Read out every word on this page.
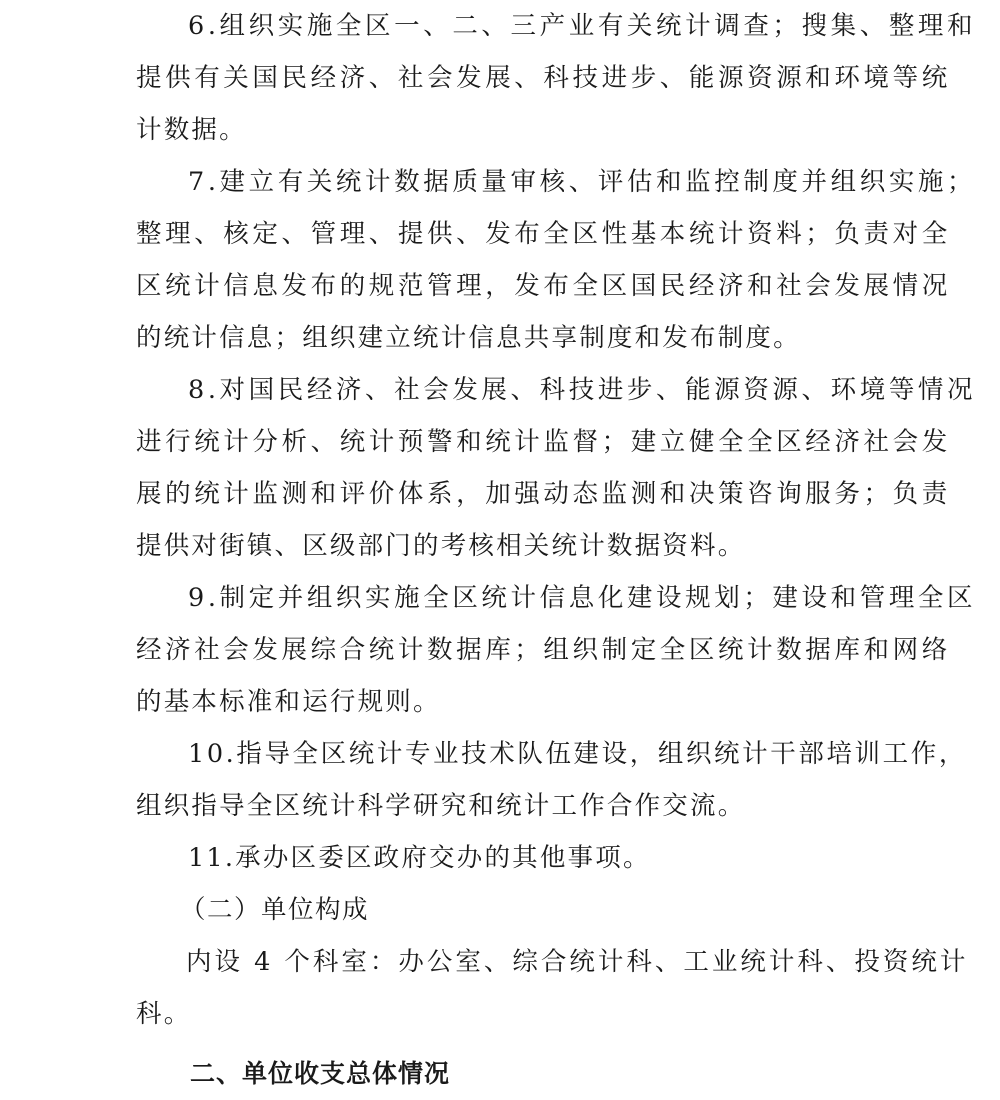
6.组织实施全区一、二、三产业有关统计调查；搜集、整理和
提供有关国民经济、社会发展、科技进步、能源资源和环境等统
计数据。
7.建立有关统计数据质量审核、评估和监控制度并组织实施；
整理、核定、管理、提供、发布全区性基本统计资料；负责对全
区统计信息发布的规范管理，发布全区国民经济和社会发展情况
的统计信息；组织建立统计信息共享制度和发布制度。
8.对国民经济、社会发展、科技进步、能源资源、环境等情况
进行统计分析、统计预警和统计监督；建立健全全区经济社会发
展的统计监测和评价体系，加强动态监测和决策咨询服务；负责
提供对街镇、区级部门的考核相关统计数据资料。
9.制定并组织实施全区统计信息化建设规划；建设和管理全区
经济社会发展综合统计数据库；组织制定全区统计数据库和网络
的基本标准和运行规则。
10.指导全区统计专业技术队伍建设，组织统计干部培训工作，
组织指导全区统计科学研究和统计工作合作交流。
11.承办区委区政府交办的其他事项。
（二）单位构成
内设 4 个科室：办公室、综合统计科、工业统计科、投资统计
科。
二、单位收支总体情况
